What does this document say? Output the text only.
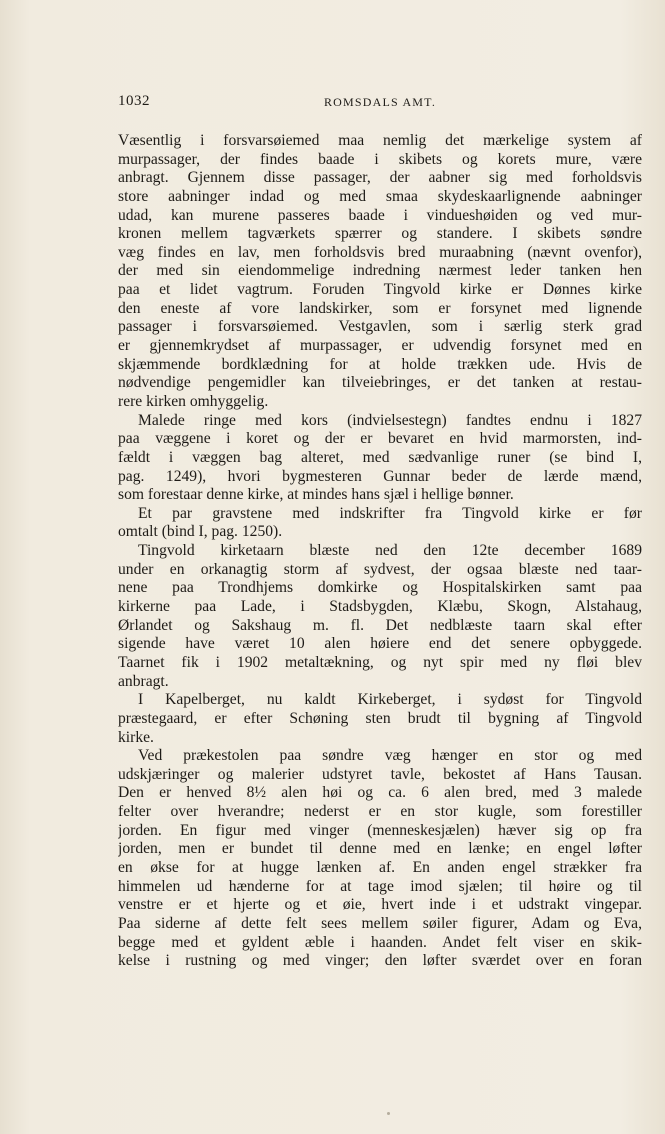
1032	ROMSDALS AMT.
Væsentlig i forsvarsøiemed maa nemlig det mærkelige system af
murpassager, der findes baade i skibets og korets mure, være
anbragt. Gjennem disse passager, der aabner sig med forholdsvis
store aabninger indad og med smaa skydeskaarlignende aabninger
udad, kan murene passeres baade i vindueshøiden og ved mur-
kronen mellem tagværkets spærrer og standere. I skibets søndre
væg findes en lav, men forholdsvis bred muraabning (nævnt ovenfor),
der med sin eiendommelige indredning nærmest leder tanken hen
paa et lidet vagtrum. Foruden Tingvold kirke er Dønnes kirke
den eneste af vore landskirker, som er forsynet med lignende
passager i forsvarsøiemed. Vestgavlen, som i særlig sterk grad
er gjennemkrydset af murpassager, er udvendig forsynet med en
skjæmmende bordklædning for at holde trækken ude. Hvis de
nødvendige pengemidler kan tilveiebringes, er det tanken at restau-
rere kirken omhyggelig.
Malede ringe med kors (indvielsestegn) fandtes endnu i 1827
paa væggene i koret og der er bevaret en hvid marmorsten, ind-
fældt i væggen bag alteret, med sædvanlige runer (se bind I,
pag. 1249), hvori bygmesteren Gunnar beder de lærde mænd,
som forestaar denne kirke, at mindes hans sjæl i hellige bønner.
Et par gravstene med indskrifter fra Tingvold kirke er før
omtalt (bind I, pag. 1250).
Tingvold kirketaarn blæste ned den 12te december 1689
under en orkanagtig storm af sydvest, der ogsaa blæste ned taar-
nene paa Trondhjems domkirke og Hospitalskirken samt paa
kirkerne paa Lade, i Stadsbygden, Klæbu, Skogn, Alstahaug,
Ørlandet og Sakshaug m. fl. Det nedblæste taarn skal efter
sigende have været 10 alen høiere end det senere opbyggede.
Taarnet fik i 1902 metaltækning, og nyt spir med ny fløi blev
anbragt.
I Kapelberget, nu kaldt Kirkeberget, i sydøst for Tingvold
præstegaard, er efter Schøning sten brudt til bygning af Tingvold
kirke.
Ved prækestolen paa søndre væg hænger en stor og med
udskjæringer og malerier udstyret tavle, bekostet af Hans Tausan.
Den er henved 8½ alen høi og ca. 6 alen bred, med 3 malede
felter over hverandre; nederst er en stor kugle, som forestiller
jorden. En figur med vinger (menneskesjælen) hæver sig op fra
jorden, men er bundet til denne med en lænke; en engel løfter
en økse for at hugge lænken af. En anden engel strækker fra
himmelen ud hænderne for at tage imod sjælen; til høire og til
venstre er et hjerte og et øie, hvert inde i et udstrakt vingepar.
Paa siderne af dette felt sees mellem søiler figurer, Adam og Eva,
begge med et gyldent æble i haanden. Andet felt viser en skik-
kelse i rustning og med vinger; den løfter sværdet over en foran
